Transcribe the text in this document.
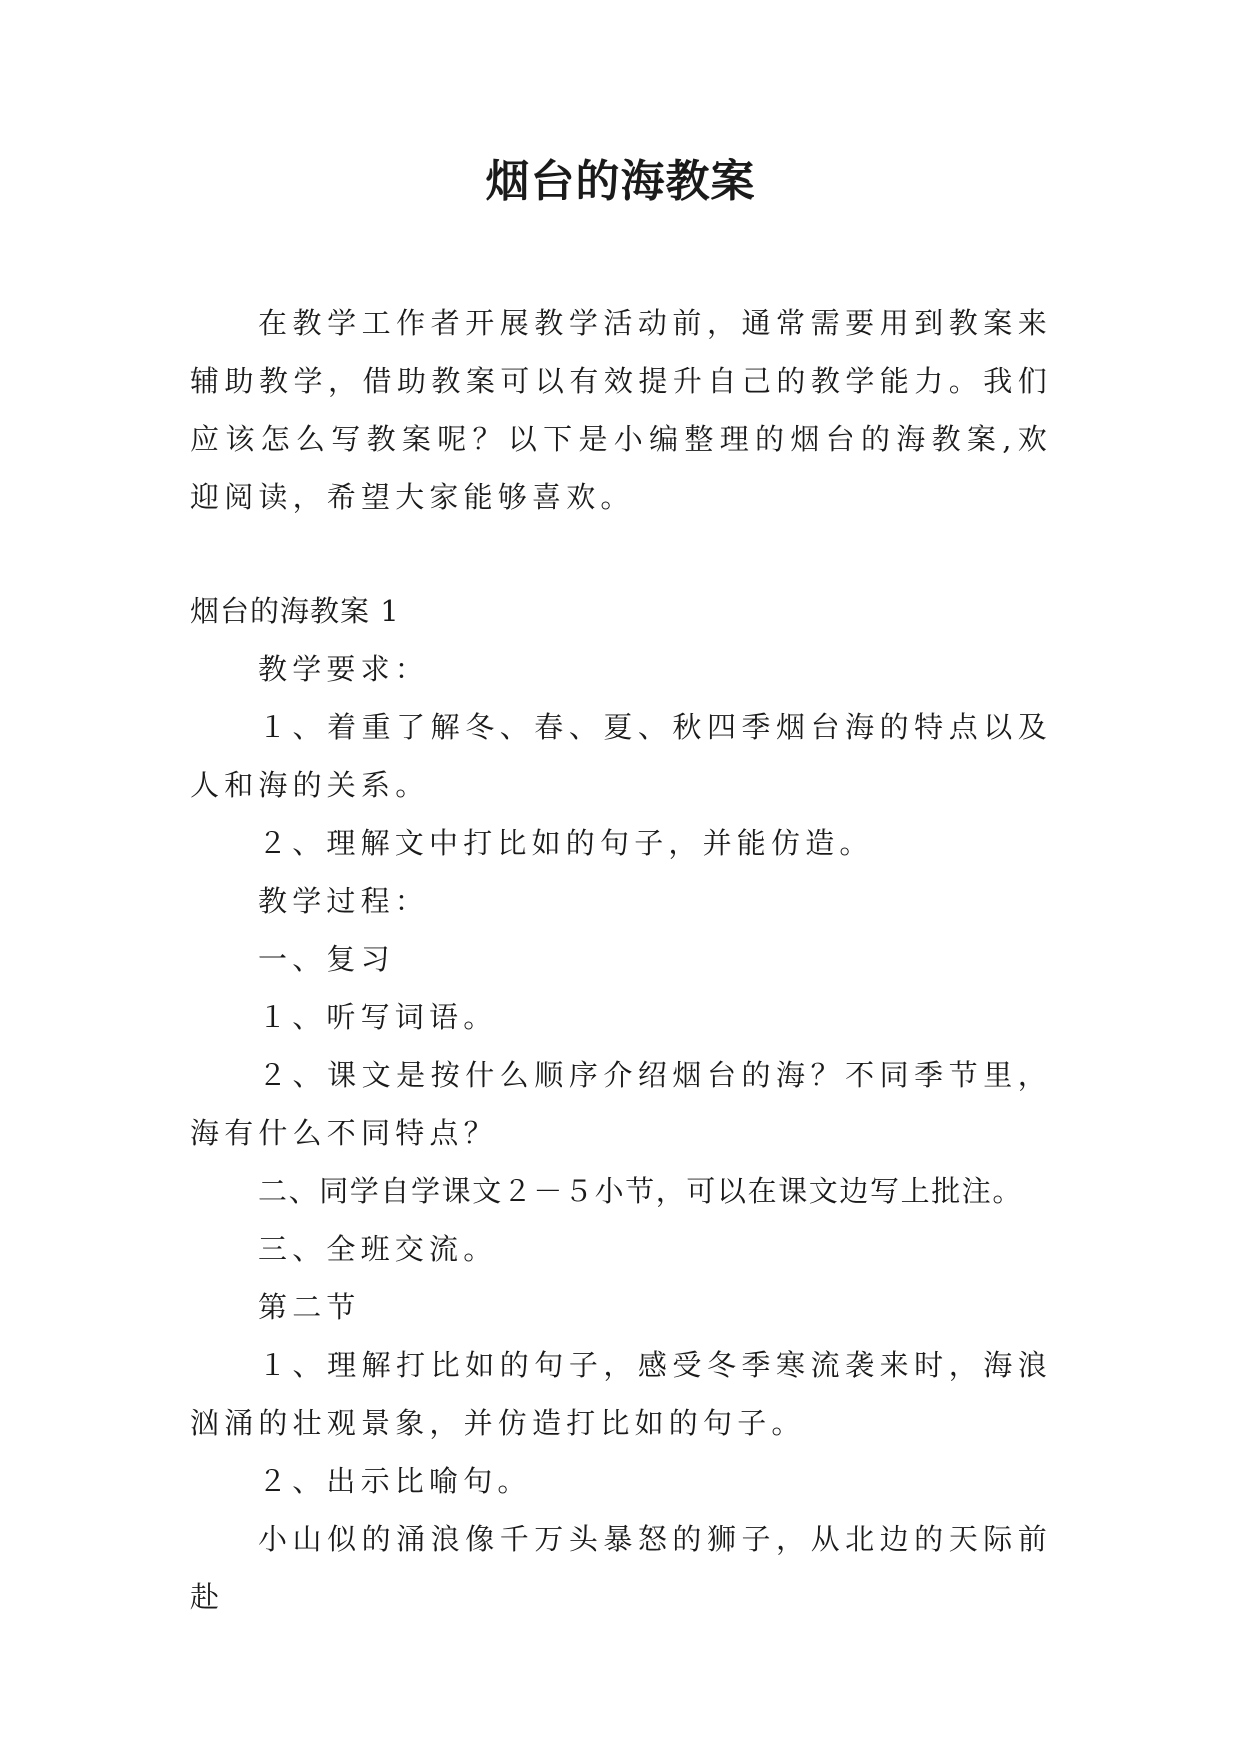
烟台的海教案

在教学工作者开展教学活动前，通常需要用到教案来辅助教学，借助教案可以有效提升自己的教学能力。我们应该怎么写教案呢？以下是小编整理的烟台的海教案,欢迎阅读，希望大家能够喜欢。

烟台的海教案 1

教学要求：

１、着重了解冬、春、夏、秋四季烟台海的特点以及人和海的关系。

２、理解文中打比如的句子，并能仿造。

教学过程：

一、复习

１、听写词语。

２、课文是按什么顺序介绍烟台的海？不同季节里，海有什么不同特点？

二、同学自学课文２－５小节，可以在课文边写上批注。

三、全班交流。

第二节

１、理解打比如的句子，感受冬季寒流袭来时，海浪汹涌的壮观景象，并仿造打比如的句子。

２、出示比喻句。

小山似的涌浪像千万头暴怒的狮子，从北边的天际前赴
